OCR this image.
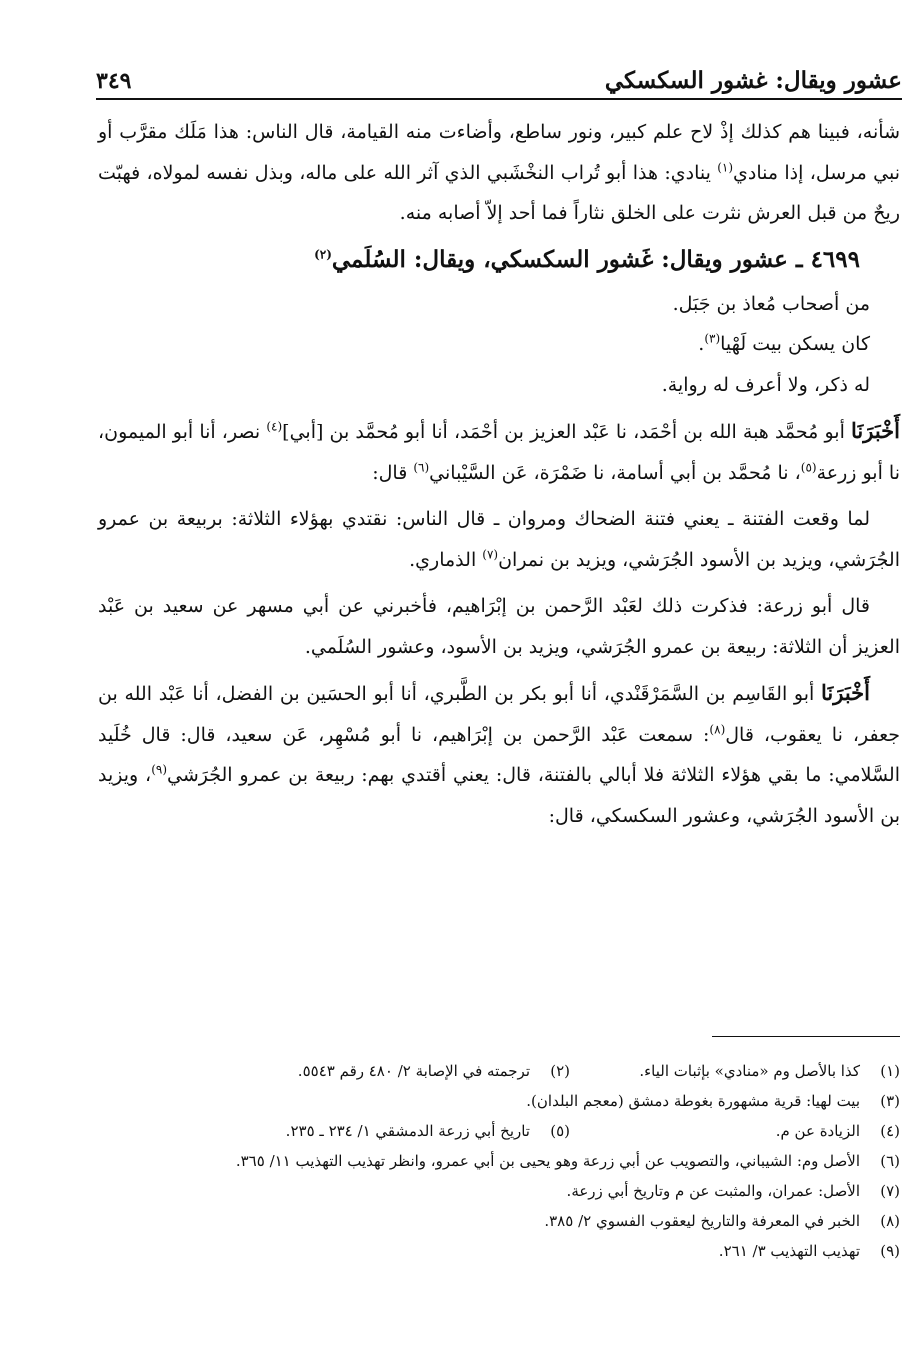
عشور ويقال: غشور السكسكي
٣٤٩

شأنه، فبينا هم كذلك إذْ لاح علم كبير، ونور ساطع، وأضاءت منه القيامة، قال الناس: هذا مَلَك مقرَّب أو نبي مرسل، إذا منادي$^{(١)}$ ينادي: هذا أبو تُراب النخْشَبي الذي آثر الله على ماله، وبذل نفسه لمولاه، فهبّت ريحٌ من قبل العرش نثرت على الخلق نثاراً فما أحد إلاّ أصابه منه.

٤٦٩٩ ـ عشور ويقال: غَشور السكسكي، ويقال: السُلَمي$^{(٢)}$

من أصحاب مُعاذ بن جَبَل.

كان يسكن بيت لَهْيا$^{(٣)}$.

له ذكر، ولا أعرف له رواية.

أَخْبَرَنَا أبو مُحمَّد هبة الله بن أحْمَد، نا عَبْد العزيز بن أحْمَد، أنا أبو مُحمَّد بن [أبي]$^{(٤)}$ نصر، أنا أبو الميمون، نا أبو زرعة$^{(٥)}$، نا مُحمَّد بن أبي أسامة، نا ضَمْرَة، عَن السَّيْباني$^{(٦)}$ قال:

لما وقعت الفتنة ـ يعني فتنة الضحاك ومروان ـ قال الناس: نقتدي بهؤلاء الثلاثة: بربيعة بن عمرو الجُرَشي، ويزيد بن الأسود الجُرَشي، ويزيد بن نمران$^{(٧)}$ الذماري.

قال أبو زرعة: فذكرت ذلك لعَبْد الرَّحمن بن إبْرَاهيم، فأخبرني عن أبي مسهر عن سعيد بن عَبْد العزيز أن الثلاثة: ربيعة بن عمرو الجُرَشي، ويزيد بن الأسود، وعشور السُلَمي.

أَخْبَرَنَا أبو القَاسِم بن السَّمَرْقَنْدي، أنا أبو بكر بن الطَّبري، أنا أبو الحسَين بن الفضل، أنا عَبْد الله بن جعفر، نا يعقوب، قال$^{(٨)}$: سمعت عَبْد الرَّحمن بن إبْرَاهيم، نا أبو مُسْهِر، عَن سعيد، قال: قال خُلَيد السَّلامي: ما بقي هؤلاء الثلاثة فلا أبالي بالفتنة، قال: يعني أقتدي بهم: ربيعة بن عمرو الجُرَشي$^{(٩)}$، ويزيد بن الأسود الجُرَشي، وعشور السكسكي، قال:

(١)
كذا بالأصل وم «منادي» بإثبات الياء.
(٢)
ترجمته في الإصابة ٢/ ٤٨٠ رقم ٥٥٤٣.
(٣)
بيت لهيا: قرية مشهورة بغوطة دمشق (معجم البلدان).
(٤)
الزيادة عن م.
(٥)
تاريخ أبي زرعة الدمشقي ١/ ٢٣٤ ـ ٢٣٥.
(٦)
الأصل وم: الشيباني، والتصويب عن أبي زرعة وهو يحيى بن أبي عمرو، وانظر تهذيب التهذيب ١١/ ٣٦٥.
(٧)
الأصل: عمران، والمثبت عن م وتاريخ أبي زرعة.
(٨)
الخبر في المعرفة والتاريخ ليعقوب الفسوي ٢/ ٣٨٥.
(٩)
تهذيب التهذيب ٣/ ٢٦١.
